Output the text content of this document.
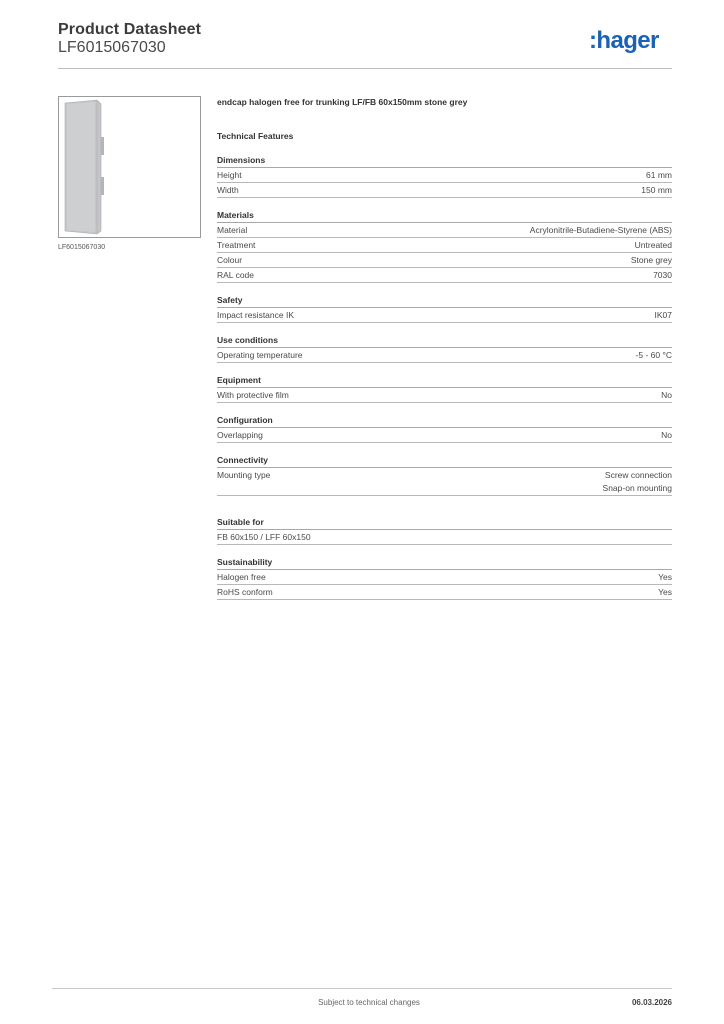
Product Datasheet
LF6015067030	:hager
LF6015067030
endcap halogen free for trunking LF/FB 60x150mm stone grey
Technical Features
Dimensions
Height	61 mm
Width	150 mm
Materials
Material	Acrylonitrile-Butadiene-Styrene (ABS)
Treatment	Untreated
Colour	Stone grey
RAL code	7030
Safety
Impact resistance IK	IK07
Use conditions
Operating temperature	-5 - 60 °C
Equipment
With protective film	No
Configuration
Overlapping	No
Connectivity
Mounting type	Screw connection
Snap-on mounting
Suitable for
FB 60x150 / LFF 60x150
Sustainability
Halogen free	Yes
RoHS conform	Yes
Subject to technical changes	06.03.2026
